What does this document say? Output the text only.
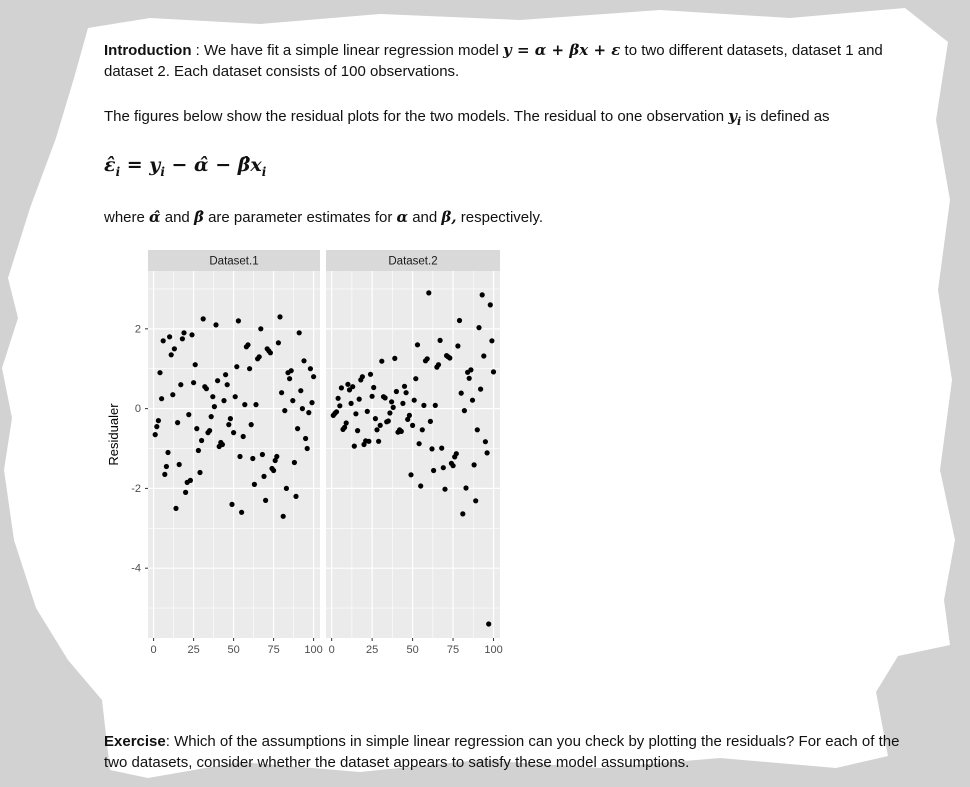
Introduction : We have fit a simple linear regression model y = α + βx + ε to two different datasets, dataset 1 and dataset 2. Each dataset consists of 100 observations.

The figures below show the residual plots for the two models. The residual to one observation $y_i$ is defined as

$\varepsilon̂_i = y_i$ − α̂ − $\betâx_i$

where α̂ and β̂ are parameter estimates for α and β, respectively.

Dataset.1
0	25	50	75 100
Dataset.2
0	25	50	75 100
2
0
-2
-4
Residualer

Exercise: Which of the assumptions in simple linear regression can you check by plotting the residuals? For each of the two datasets, consider whether the dataset appears to satisfy these model assumptions.
